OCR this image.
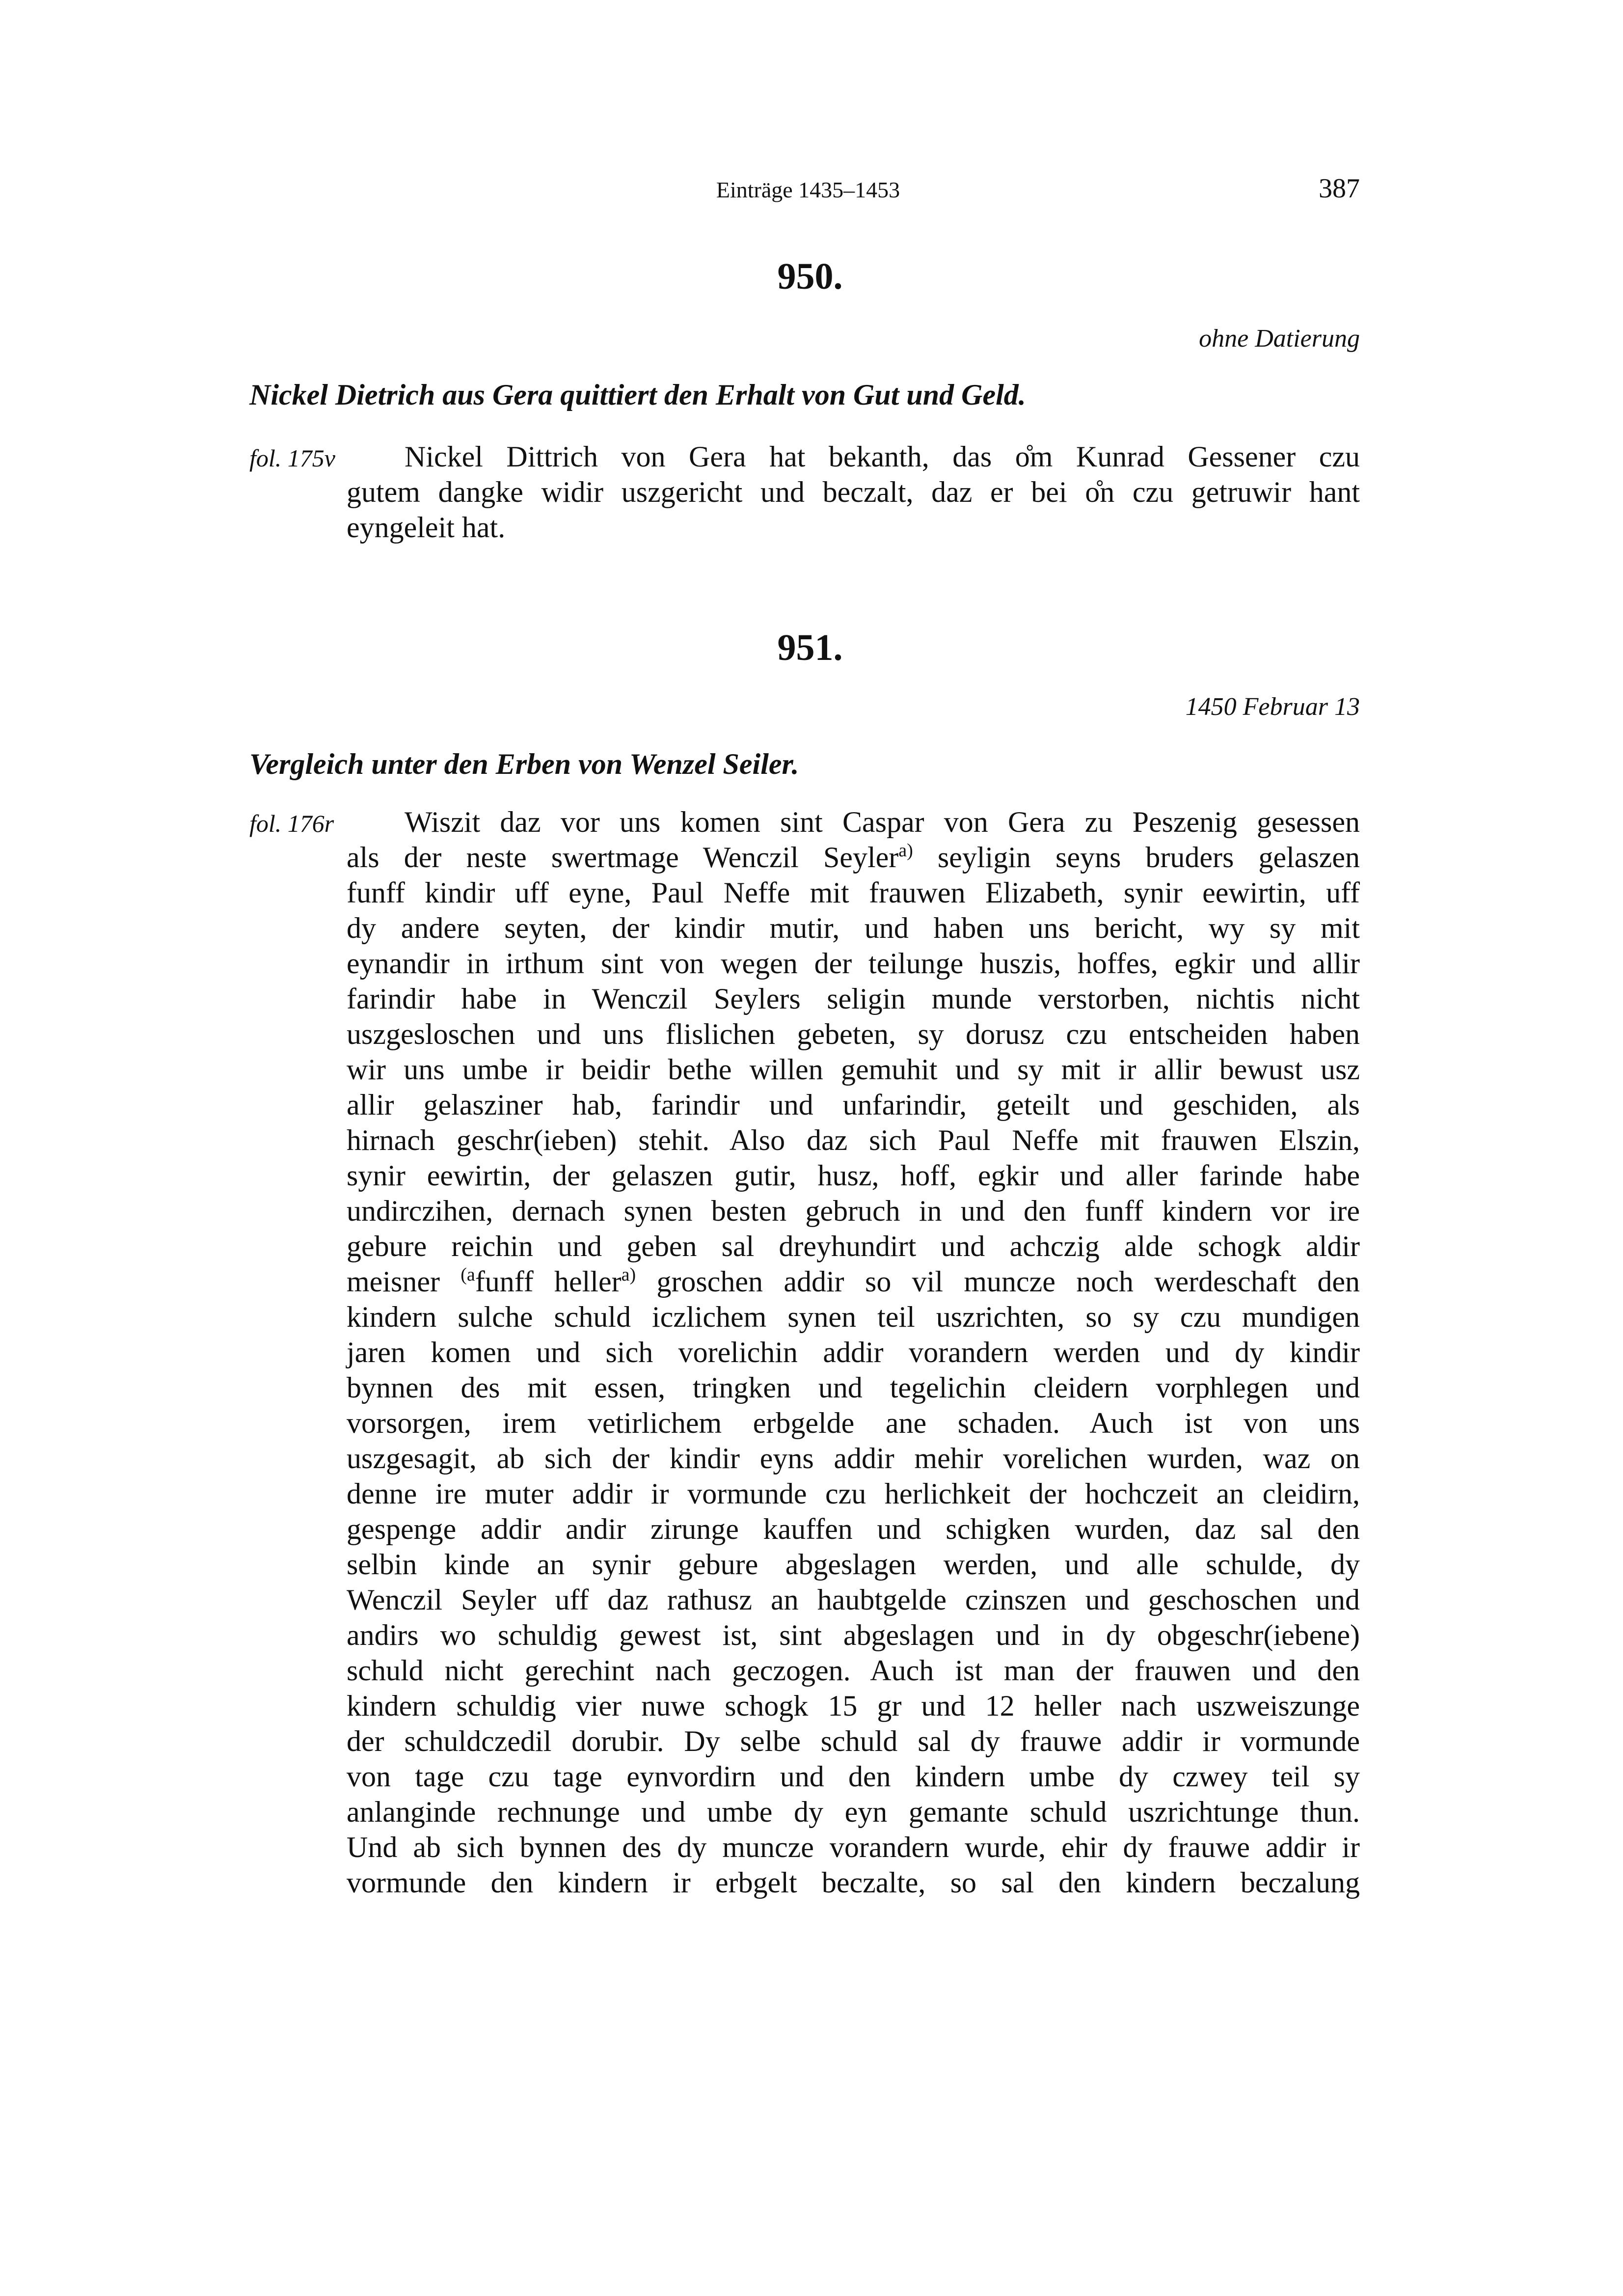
Einträge 1435–1453	387
950.
ohne Datierung
Nickel Dietrich aus Gera quittiert den Erhalt von Gut und Geld.
fol. 175v	Nickel Dittrich von Gera hat bekanth, das o̊m Kunrad Gessener czu
gutem dangke widir uszgericht und beczalt, daz er bei o̊n czu getruwir hant
eyngeleit hat.
951.
1450 Februar 13
Vergleich unter den Erben von Wenzel Seiler.
fol. 176r	Wiszit daz vor uns komen sint Caspar von Gera zu Peszenig gesessen
als der neste swertmage Wenczil Seyler$^{a)}$ seyligin seyns bruders gelaszen
funff kindir uff eyne, Paul Neffe mit frauwen Elizabeth, synir eewirtin, uff
dy andere seyten, der kindir mutir, und haben uns bericht, wy sy mit
eynandir in irthum sint von wegen der teilunge huszis, hoffes, egkir und allir
farindir habe in Wenczil Seylers seligin munde verstorben, nichtis nicht
uszgesloschen und uns flislichen gebeten, sy dorusz czu entscheiden haben
wir uns umbe ir beidir bethe willen gemuhit und sy mit ir allir bewust usz
allir gelasziner hab, farindir und unfarindir, geteilt und geschiden, als
hirnach geschr(ieben) stehit. Also daz sich Paul Neffe mit frauwen Elszin,
synir eewirtin, der gelaszen gutir, husz, hoff, egkir und aller farinde habe
undirczihen, dernach synen besten gebruch in und den funff kindern vor ire
gebure reichin und geben sal dreyhundirt und achczig alde schogk aldir
meisner $^{(a}$funff heller$^{a)}$ groschen addir so vil muncze noch werdeschaft den
kindern sulche schuld iczlichem synen teil uszrichten, so sy czu mundigen
jaren komen und sich vorelichin addir vorandern werden und dy kindir
bynnen des mit essen, tringken und tegelichin cleidern vorphlegen und
vorsorgen, irem vetirlichem erbgelde ane schaden. Auch ist von uns
uszgesagit, ab sich der kindir eyns addir mehir vorelichen wurden, waz on
denne ire muter addir ir vormunde czu herlichkeit der hochczeit an cleidirn,
gespenge addir andir zirunge kauffen und schigken wurden, daz sal den
selbin kinde an synir gebure abgeslagen werden, und alle schulde, dy
Wenczil Seyler uff daz rathusz an haubtgelde czinszen und geschoschen und
andirs wo schuldig gewest ist, sint abgeslagen und in dy obgeschr(iebene)
schuld nicht gerechint nach geczogen. Auch ist man der frauwen und den
kindern schuldig vier nuwe schogk 15 gr und 12 heller nach uszweiszunge
der schuldczedil dorubir. Dy selbe schuld sal dy frauwe addir ir vormunde
von tage czu tage eynvordirn und den kindern umbe dy czwey teil sy
anlanginde rechnunge und umbe dy eyn gemante schuld uszrichtunge thun.
Und ab sich bynnen des dy muncze vorandern wurde, ehir dy frauwe addir ir
vormunde den kindern ir erbgelt beczalte, so sal den kindern beczalung
